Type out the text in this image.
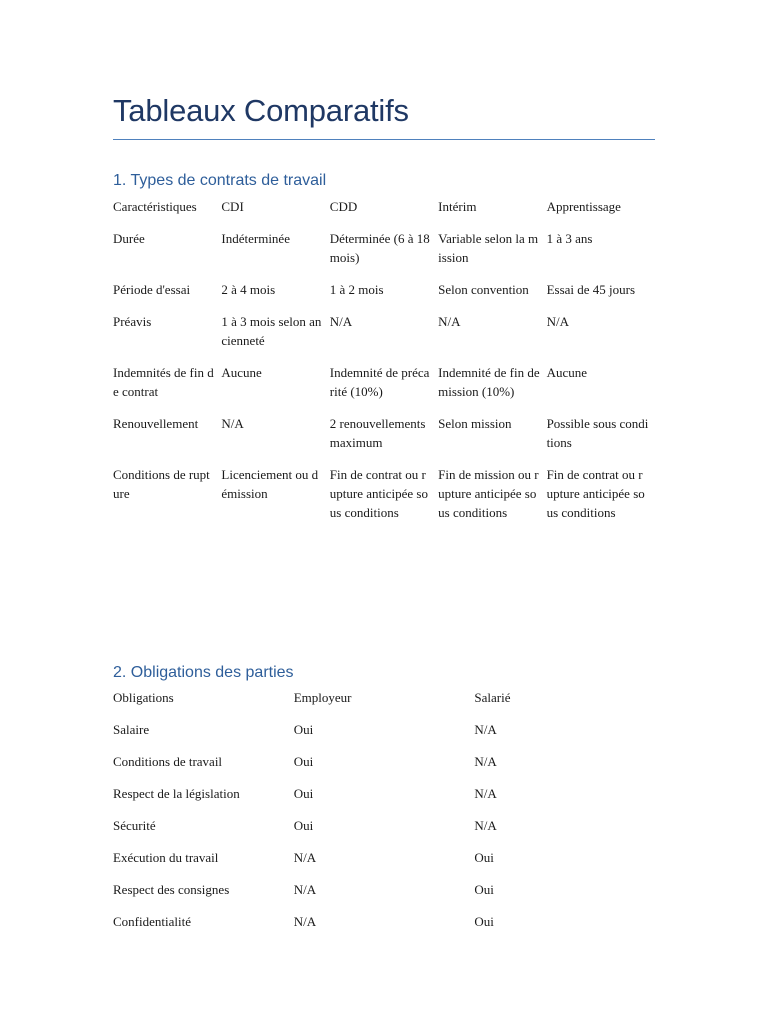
Tableaux Comparatifs
1. Types de contrats de travail
Caractéristiques	CDI	CDD	Intérim	Apprentissage
Durée	Indéterminée	Déterminée (6 à 18 mois)	Variable selon la mission	1 à 3 ans
Période d'essai	2 à 4 mois	1 à 2 mois	Selon convention	Essai de 45 jours
Préavis	1 à 3 mois selon ancienneté	N/A	N/A	N/A
Indemnités de fin de contrat	Aucune	Indemnité de précarité (10%)	Indemnité de fin de mission (10%)	Aucune
Renouvellement	N/A	2 renouvellements maximum	Selon mission	Possible sous conditions
Conditions de rupture	Licenciement ou démission	Fin de contrat ou rupture anticipée sous conditions	Fin de mission ou rupture anticipée sous conditions	Fin de contrat ou rupture anticipée sous conditions
2. Obligations des parties
Obligations	Employeur	Salarié
Salaire	Oui	N/A
Conditions de travail	Oui	N/A
Respect de la législation	Oui	N/A
Sécurité	Oui	N/A
Exécution du travail	N/A	Oui
Respect des consignes	N/A	Oui
Confidentialité	N/A	Oui
